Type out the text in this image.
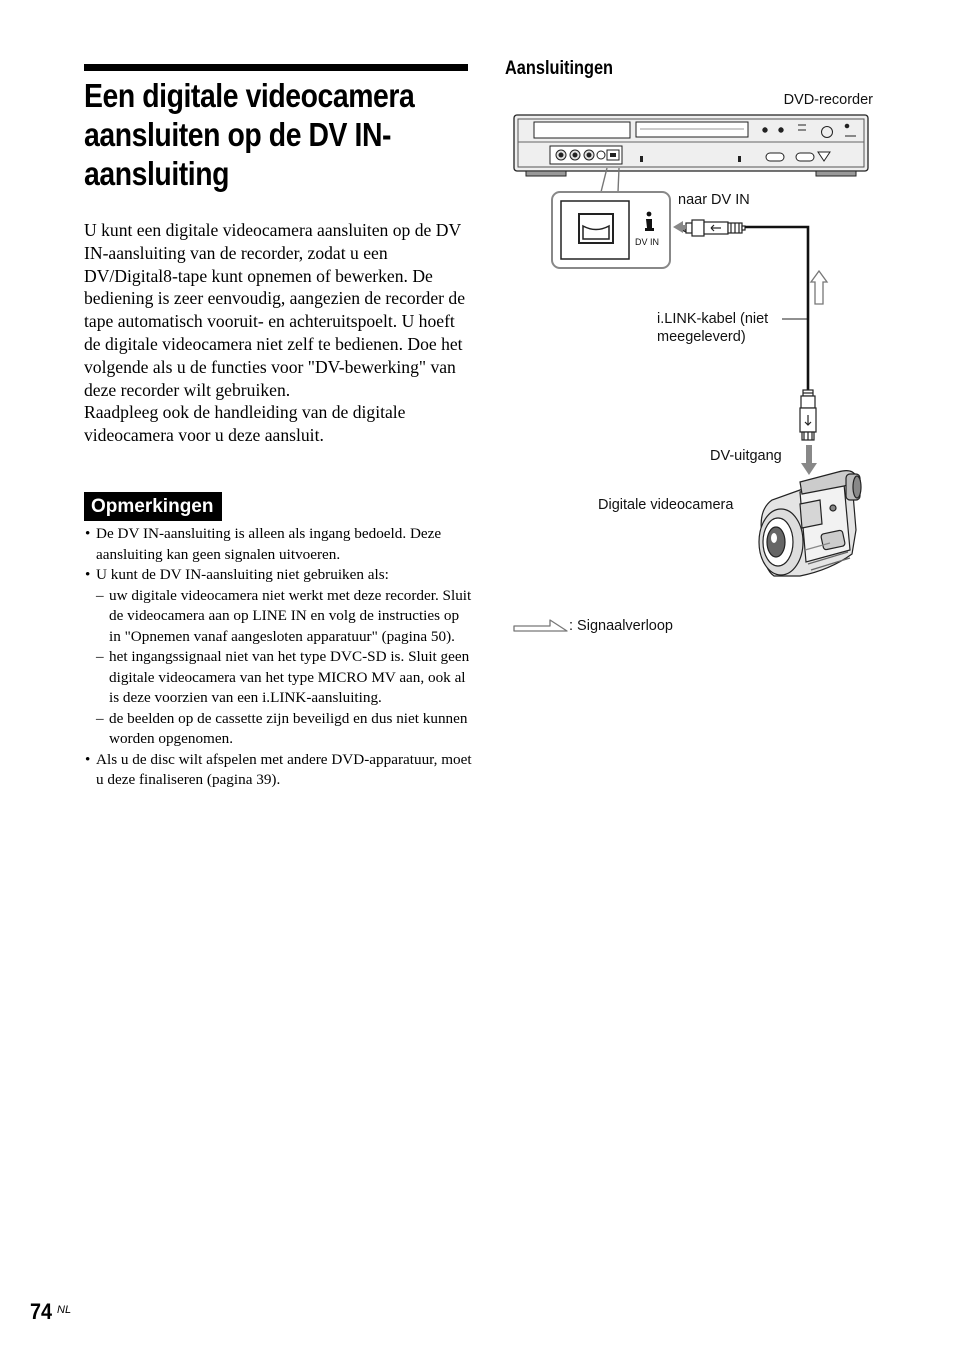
Een digitale videocamera
aansluiten op de DV IN-
aansluiting

U kunt een digitale videocamera aansluiten op de DV IN-aansluiting van de recorder, zodat u een DV/Digital8-tape kunt opnemen of bewerken. De bediening is zeer eenvoudig, aangezien de recorder de tape automatisch vooruit- en achteruitspoelt. U hoeft de digitale videocamera niet zelf te bedienen. Doe het volgende als u de functies voor "DV-bewerking" van deze recorder wilt gebruiken.

Raadpleeg ook de handleiding van de digitale videocamera voor u deze aansluit.

Opmerkingen
• De DV IN-aansluiting is alleen als ingang bedoeld. Deze aansluiting kan geen signalen uitvoeren.
• U kunt de DV IN-aansluiting niet gebruiken als:
– uw digitale videocamera niet werkt met deze recorder. Sluit de videocamera aan op LINE IN en volg de instructies op in "Opnemen vanaf aangesloten apparatuur" (pagina 50).
– het ingangssignaal niet van het type DVC-SD is. Sluit geen digitale videocamera van het type MICRO MV aan, ook al is deze voorzien van een i.LINK-aansluiting.
– de beelden op de cassette zijn beveiligd en dus niet kunnen worden opgenomen.
• Als u de disc wilt afspelen met andere DVD-apparatuur, moet u deze finaliseren (pagina 39).
Aansluitingen
DVD-recorder
naar DV IN
DV IN
i.LINK-kabel (niet
meegeleverd)
DV-uitgang
Digitale videocamera
: Signaalverloop
74 NL
